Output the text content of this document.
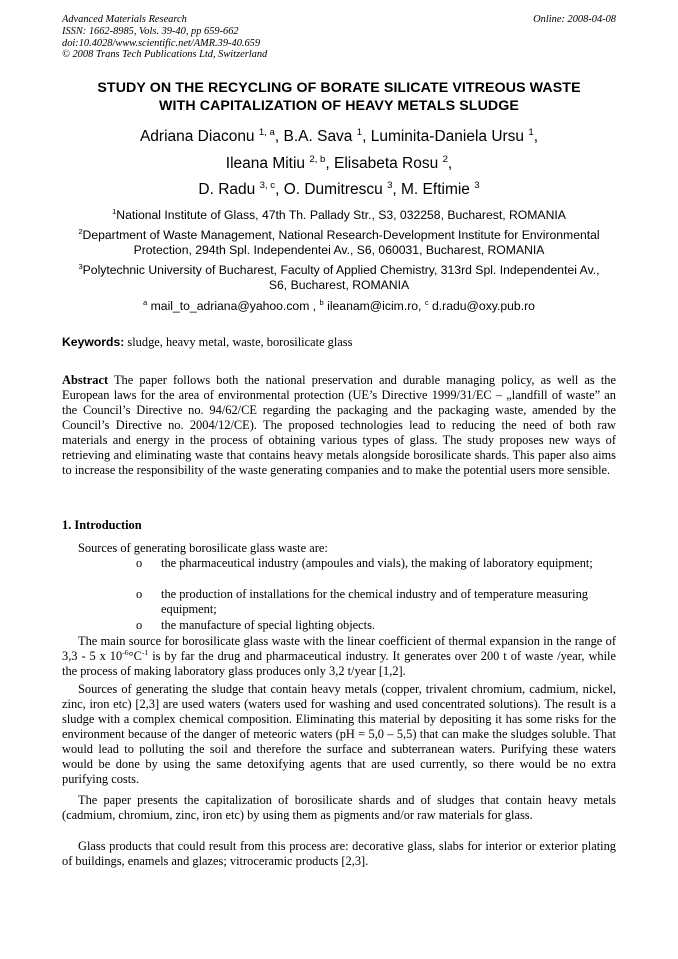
Advanced Materials Research
ISSN: 1662-8985, Vols. 39-40, pp 659-662
doi:10.4028/www.scientific.net/AMR.39-40.659
© 2008 Trans Tech Publications Ltd, Switzerland
Online: 2008-04-08
STUDY ON THE RECYCLING OF BORATE SILICATE VITREOUS WASTE
WITH CAPITALIZATION OF HEAVY METALS SLUDGE
Adriana Diaconu $^{1, a}$, B.A. Sava $^1$, Luminita-Daniela Ursu $^1$,
Ileana Mitiu $^{2, b}$, Elisabeta Rosu $^2$,
D. Radu $^{3, c}$, O. Dumitrescu $^3$, M. Eftimie $^3$
$^1$National Institute of Glass, 47th Th. Pallady Str., S3, 032258, Bucharest, ROMANIA
$^2$Department of Waste Management, National Research-Development Institute for Environmental
Protection, 294th Spl. Independentei Av., S6, 060031, Bucharest, ROMANIA
$^3$Polytechnic University of Bucharest, Faculty of Applied Chemistry, 313rd Spl. Independentei Av.,
S6, Bucharest, ROMANIA
$^a$ mail_to_adriana@yahoo.com , $^b$ ileanam@icim.ro, $^c$ d.radu@oxy.pub.ro
Keywords: sludge, heavy metal, waste, borosilicate glass
Abstract The paper follows both the national preservation and durable managing policy, as well as the European laws for the area of environmental protection (UE’s Directive 1999/31/EC – „landfill of waste” an the Council’s Directive no. 94/62/CE regarding the packaging and the packaging waste, amended by the Council’s Directive no. 2004/12/CE). The proposed technologies lead to reducing the need of both raw materials and energy in the process of obtaining various types of glass. The study proposes new ways of retrieving and eliminating waste that contains heavy metals alongside borosilicate shards. This paper also aims to increase the responsibility of the waste generating companies and to make the potential users more sensible.
1. Introduction
Sources of generating borosilicate glass waste are:
o the pharmaceutical industry (ampoules and vials), the making of laboratory equipment;
o the production of installations for the chemical industry and of temperature measuring equipment;
o the manufacture of special lighting objects.
The main source for borosilicate glass waste with the linear coefficient of thermal expansion in the range of 3,3 - 5 x $10^{-6}^\circ C^{-1}$ is by far the drug and pharmaceutical industry. It generates over 200 t of waste /year, while the process of making laboratory glass produces only 3,2 t/year [1,2].
Sources of generating the sludge that contain heavy metals (copper, trivalent chromium, cadmium, nickel, zinc, iron etc) [2,3] are used waters (waters used for washing and used concentrated solutions). The result is a sludge with a complex chemical composition. Eliminating this material by depositing it has some risks for the environment because of the danger of meteoric waters (pH = 5,0 – 5,5) that can make the sludges soluble. That would lead to polluting the soil and therefore the surface and subterranean waters. Purifying these waters would be done by using the same detoxifying agents that are used currently, so there would be no extra purifying costs.
The paper presents the capitalization of borosilicate shards and of sludges that contain heavy metals (cadmium, chromium, zinc, iron etc) by using them as pigments and/or raw materials for glass.
Glass products that could result from this process are: decorative glass, slabs for interior or exterior plating of buildings, enamels and glazes; vitroceramic products [2,3].
